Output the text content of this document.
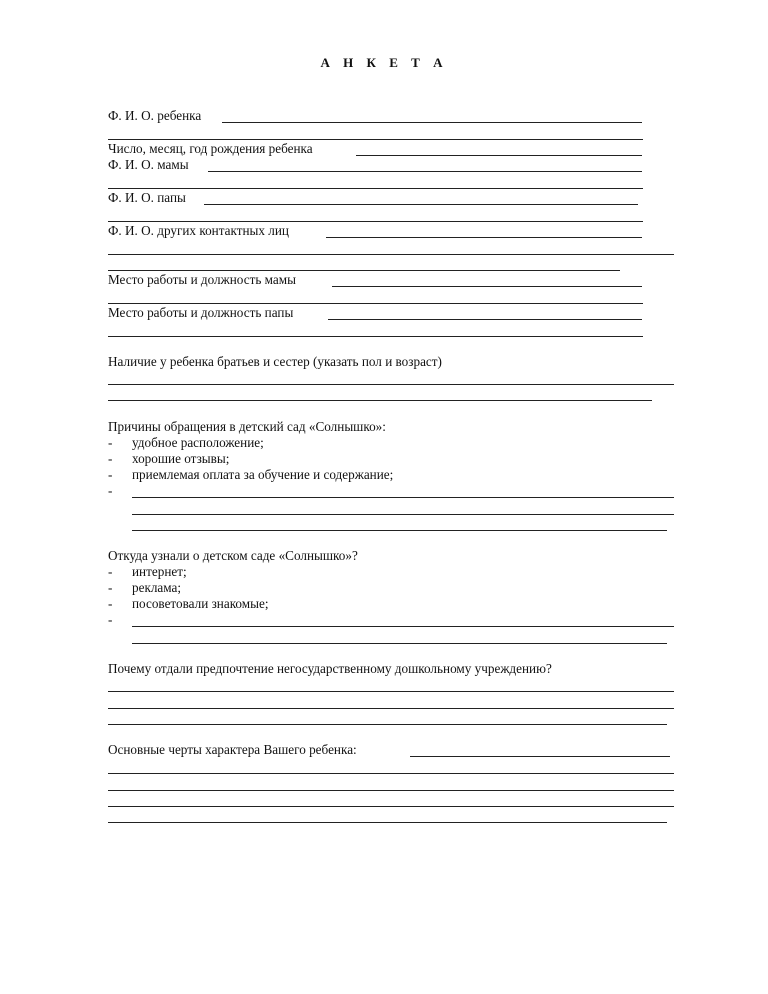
А Н К Е Т А
Ф. И. О. ребенка
Число, месяц, год рождения ребенка
Ф. И. О. мамы
Ф. И. О. папы
Ф. И. О. других контактных лиц
Место работы и должность мамы
Место работы и должность папы
Наличие у ребенка братьев и сестер (указать пол и возраст)
Причины обращения в детский сад «Солнышко»:
- удобное расположение;
- хорошие отзывы;
- приемлемая оплата за обучение и содержание;
-
Откуда узнали о детском саде «Солнышко»?
- интернет;
- реклама;
- посоветовали знакомые;
-
Почему отдали предпочтение негосударственному дошкольному учреждению?
Основные черты характера Вашего ребенка:
